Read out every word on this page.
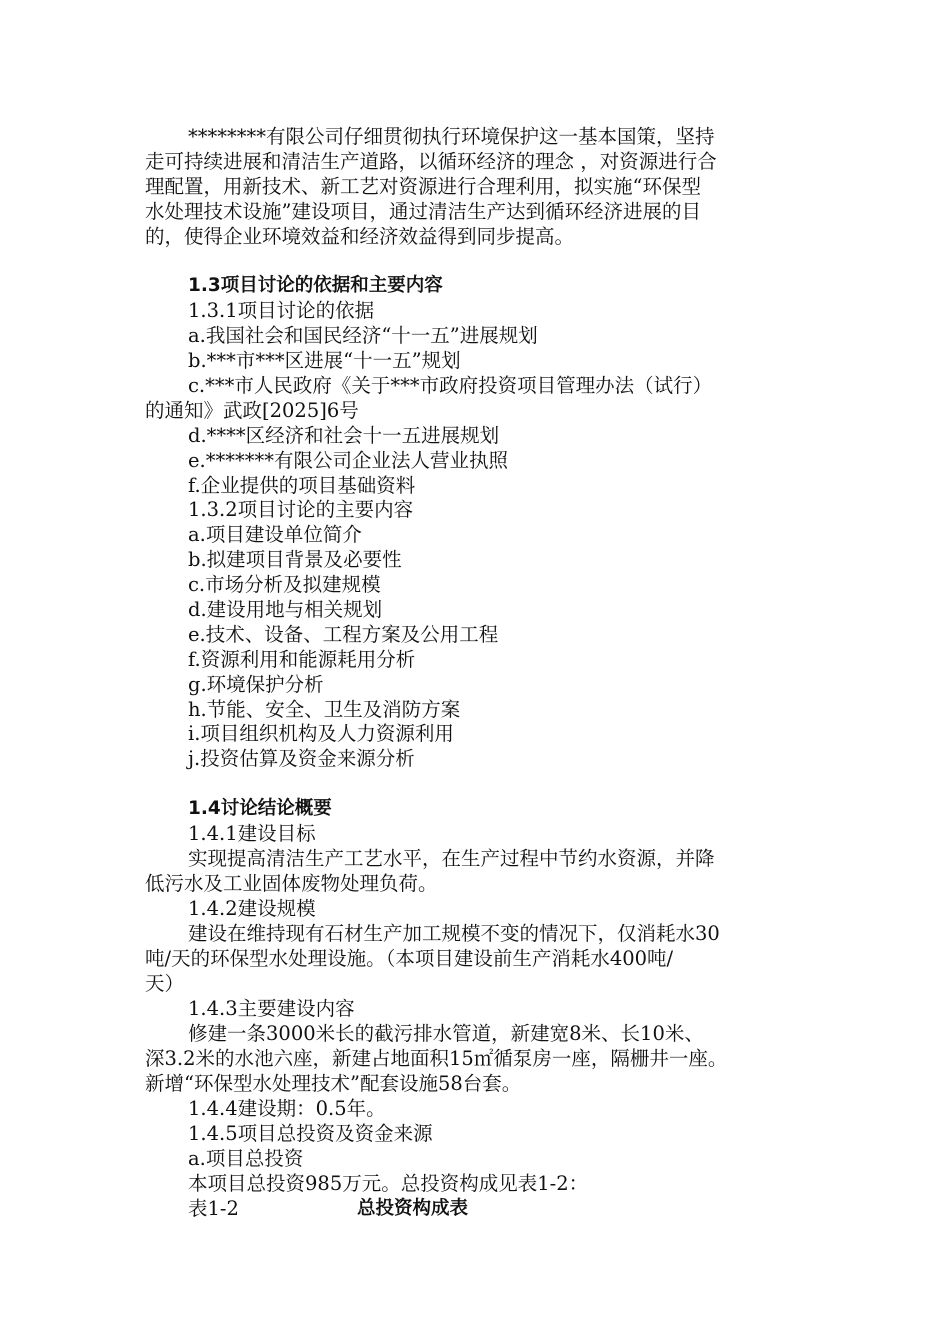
********有限公司仔细贯彻执行环境保护这一基本国策，坚持
走可持续进展和清洁生产道路，以循环经济的理念 ，对资源进行合
理配置，用新技术、新工艺对资源进行合理利用，拟实施“环保型
水处理技术设施”建设项目，通过清洁生产达到循环经济进展的目
的，使得企业环境效益和经济效益得到同步提高。
1.3项目讨论的依据和主要内容
1.3.1项目讨论的依据
a.我国社会和国民经济“十一五”进展规划
b.***市***区进展“十一五”规划
c.***市人民政府《关于***市政府投资项目管理办法（试行）
的通知》武政[2025]6号
d.****区经济和社会十一五进展规划
e.*******有限公司企业法人营业执照
f.企业提供的项目基础资料
1.3.2项目讨论的主要内容
a.项目建设单位简介
b.拟建项目背景及必要性
c.市场分析及拟建规模
d.建设用地与相关规划
e.技术、设备、工程方案及公用工程
f.资源利用和能源耗用分析
g.环境保护分析
h.节能、安全、卫生及消防方案
i.项目组织机构及人力资源利用
j.投资估算及资金来源分析
1.4讨论结论概要
1.4.1建设目标
实现提高清洁生产工艺水平，在生产过程中节约水资源，并降
低污水及工业固体废物处理负荷。
1.4.2建设规模
建设在维持现有石材生产加工规模不变的情况下，仅消耗水30
吨/天的环保型水处理设施。（本项目建设前生产消耗水400吨/
天）
1.4.3主要建设内容
修建一条3000米长的截污排水管道，新建宽8米、长10米、
深3.2米的水池六座，新建占地面积15㎡循泵房一座，隔栅井一座。
新增“环保型水处理技术”配套设施58台套。
1.4.4建设期：0.5年。
1.4.5项目总投资及资金来源
a.项目总投资
本项目总投资985万元。总投资构成见表1-2：
表1-2	总投资构成表
